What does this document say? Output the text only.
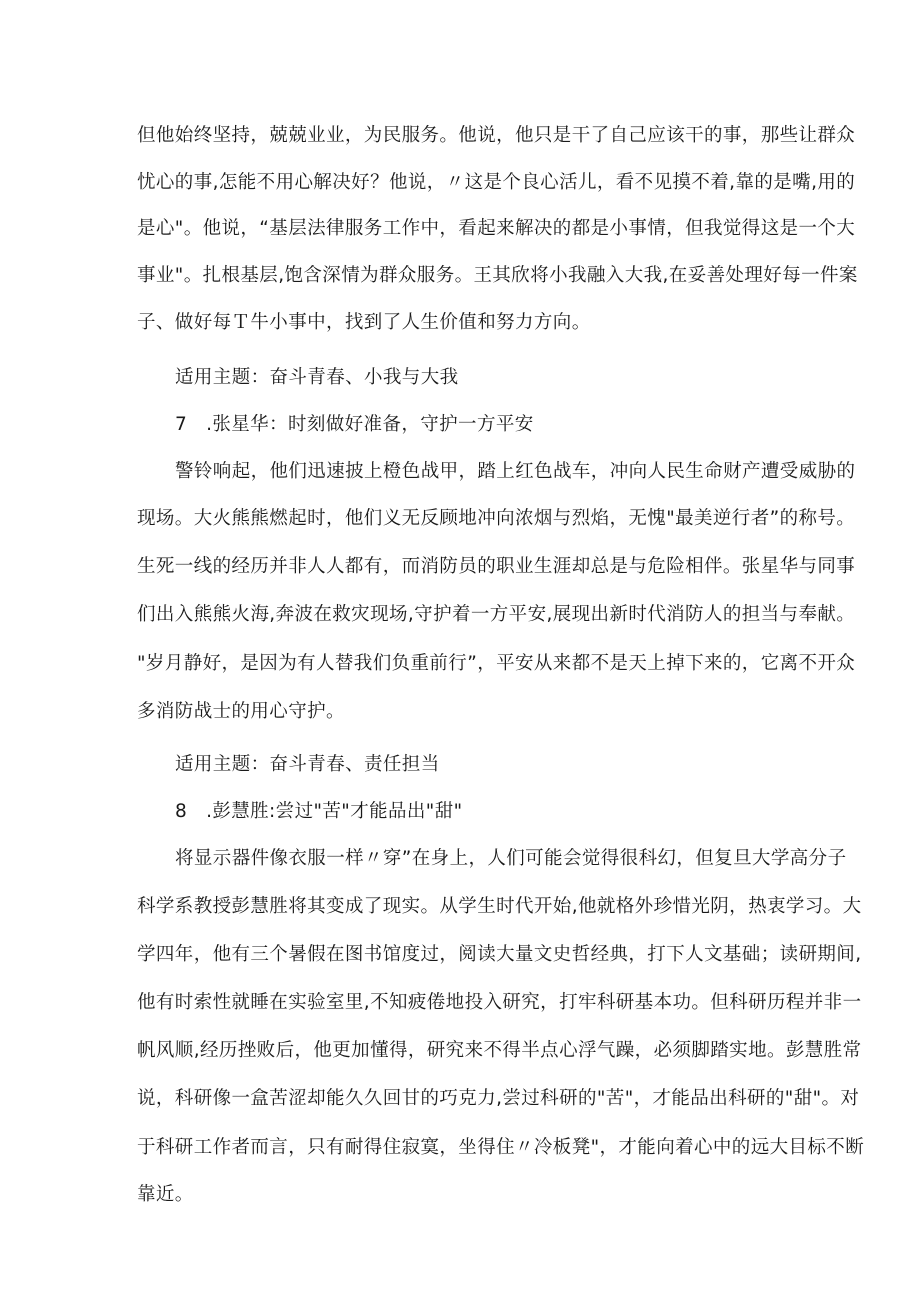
但他始终坚持，兢兢业业，为民服务。他说，他只是干了自己应该干的事，那些让群众
忧心的事,怎能不用心解决好？他说，〃这是个良心活儿，看不见摸不着,靠的是嘴,用的
是心"。他说，“基层法律服务工作中，看起来解决的都是小事情，但我觉得这是一个大
事业"。扎根基层,饱含深情为群众服务。王其欣将小我融入大我,在妥善处理好每一件案
子、做好每Ｔ牛小事中，找到了人生价值和努力方向。
适用主题：奋斗青春、小我与大我
7　.张星华：时刻做好准备，守护一方平安
警铃响起，他们迅速披上橙色战甲，踏上红色战车，冲向人民生命财产遭受威胁的
现场。大火熊熊燃起时，他们义无反顾地冲向浓烟与烈焰，无愧"最美逆行者”的称号。
生死一线的经历并非人人都有，而消防员的职业生涯却总是与危险相伴。张星华与同事
们出入熊熊火海,奔波在救灾现场,守护着一方平安,展现出新时代消防人的担当与奉献。
"岁月静好，是因为有人替我们负重前行”，平安从来都不是天上掉下来的，它离不开众
多消防战士的用心守护。
适用主题：奋斗青春、责任担当
8　.彭慧胜:尝过"苦"才能品出"甜"
将显示器件像衣服一样〃穿”在身上，人们可能会觉得很科幻，但复旦大学高分子
科学系教授彭慧胜将其变成了现实。从学生时代开始,他就格外珍惜光阴，热衷学习。大
学四年，他有三个暑假在图书馆度过，阅读大量文史哲经典，打下人文基础；读研期间,
他有时索性就睡在实验室里,不知疲倦地投入研究，打牢科研基本功。但科研历程并非一
帆风顺,经历挫败后，他更加懂得，研究来不得半点心浮气躁，必须脚踏实地。彭慧胜常
说，科研像一盒苦涩却能久久回甘的巧克力,尝过科研的"苦"，才能品出科研的"甜"。对
于科研工作者而言，只有耐得住寂寞，坐得住〃冷板凳"，才能向着心中的远大目标不断
靠近。
